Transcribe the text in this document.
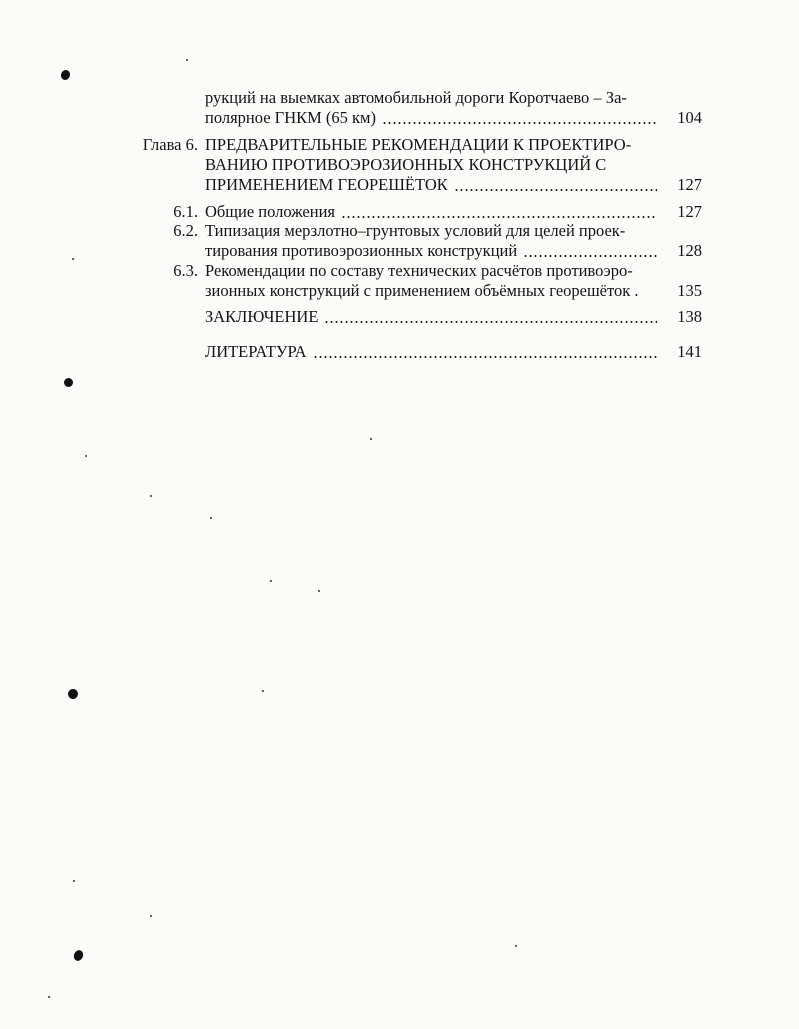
рукций на выемках автомобильной дороги Коротчаево – За-
полярное ГНКМ (65 км)	104
Глава 6. ПРЕДВАРИТЕЛЬНЫЕ РЕКОМЕНДАЦИИ К ПРОЕКТИРО-
ВАНИЮ ПРОТИВОЭРОЗИОННЫХ КОНСТРУКЦИЙ С
ПРИМЕНЕНИЕМ ГЕОРЕШЁТОК	127
6.1. Общие положения	127
6.2. Типизация мерзлотно–грунтовых условий для целей проек-
тирования противоэрозионных конструкций	128
6.3. Рекомендации по составу технических расчётов противоэро-
зионных конструкций с применением объёмных георешёток .	135
ЗАКЛЮЧЕНИЕ	138
ЛИТЕРАТУРА	141
